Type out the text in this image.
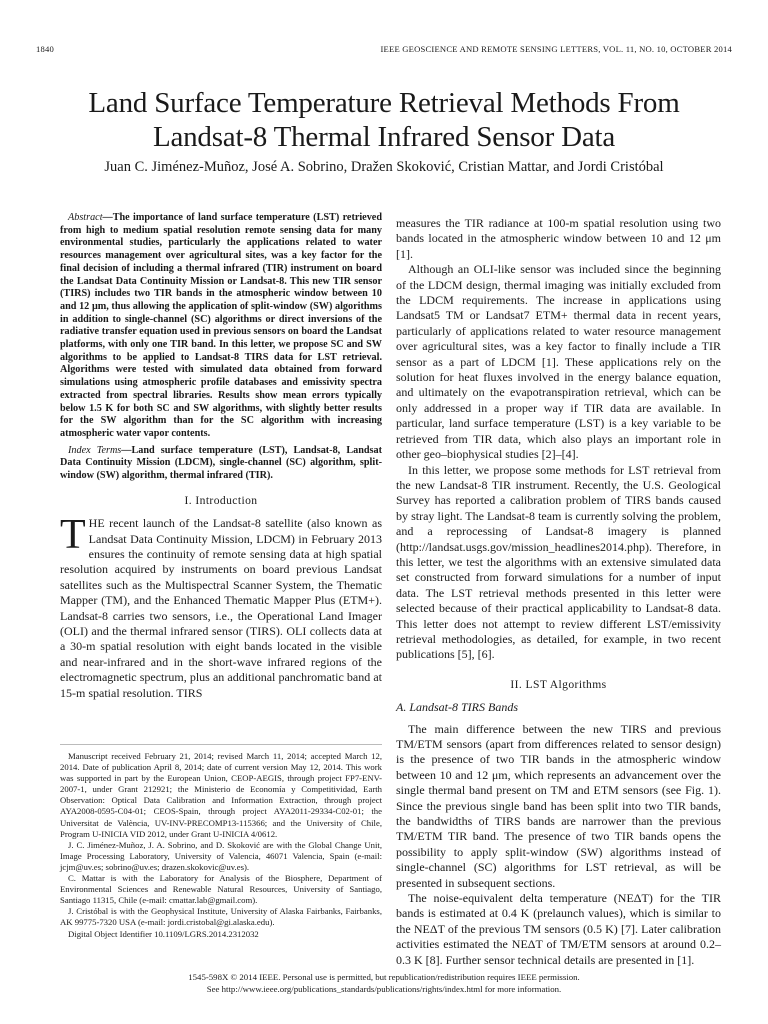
1840	IEEE GEOSCIENCE AND REMOTE SENSING LETTERS, VOL. 11, NO. 10, OCTOBER 2014
Land Surface Temperature Retrieval Methods From
Landsat-8 Thermal Infrared Sensor Data
Juan C. Jiménez-Muñoz, José A. Sobrino, Dražen Skoković, Cristian Mattar, and Jordi Cristóbal

Abstract—The importance of land surface temperature (LST) retrieved from high to medium spatial resolution remote sensing data for many environmental studies, particularly the applications related to water resources management over agricultural sites, was a key factor for the final decision of including a thermal infrared (TIR) instrument on board the Landsat Data Continuity Mission or Landsat-8. This new TIR sensor (TIRS) includes two TIR bands in the atmospheric window between 10 and 12 μm, thus allowing the application of split-window (SW) algorithms in addition to single-channel (SC) algorithms or direct inversions of the radiative transfer equation used in previous sensors on board the Landsat platforms, with only one TIR band. In this letter, we propose SC and SW algorithms to be applied to Landsat-8 TIRS data for LST retrieval. Algorithms were tested with simulated data obtained from forward simulations using atmospheric profile databases and emissivity spectra extracted from spectral libraries. Results show mean errors typically below 1.5 K for both SC and SW algorithms, with slightly better results for the SW algorithm than for the SC algorithm with increasing atmospheric water vapor contents.

Index Terms—Land surface temperature (LST), Landsat-8, Landsat Data Continuity Mission (LDCM), single-channel (SC) algorithm, split-window (SW) algorithm, thermal infrared (TIR).

I. Introduction

THE recent launch of the Landsat-8 satellite (also known as Landsat Data Continuity Mission, LDCM) in February 2013 ensures the continuity of remote sensing data at high spatial resolution acquired by instruments on board previous Landsat satellites such as the Multispectral Scanner System, the Thematic Mapper (TM), and the Enhanced Thematic Mapper Plus (ETM+). Landsat-8 carries two sensors, i.e., the Operational Land Imager (OLI) and the thermal infrared sensor (TIRS). OLI collects data at a 30-m spatial resolution with eight bands located in the visible and near-infrared and in the short-wave infrared regions of the electromagnetic spectrum, plus an additional panchromatic band at 15-m spatial resolution. TIRS

Manuscript received February 21, 2014; revised March 11, 2014; accepted March 12, 2014. Date of publication April 8, 2014; date of current version May 12, 2014. This work was supported in part by the European Union, CEOP-AEGIS, through project FP7-ENV-2007-1, under Grant 212921; the Ministerio de Economía y Competitividad, Earth Observation: Optical Data Calibration and Information Extraction, through project AYA2008-0595-C04-01; CEOS-Spain, through project AYA2011-29334-C02-01; the Universitat de València, UV-INV-PRECOMP13-115366; and the University of Chile, Program U-INICIA VID 2012, under Grant U-INICIA 4/0612.

J. C. Jiménez-Muñoz, J. A. Sobrino, and D. Skoković are with the Global Change Unit, Image Processing Laboratory, University of Valencia, 46071 Valencia, Spain (e-mail: jcjm@uv.es; sobrino@uv.es; drazen.skokovic@uv.es).

C. Mattar is with the Laboratory for Analysis of the Biosphere, Department of Environmental Sciences and Renewable Natural Resources, University of Santiago, Santiago 11315, Chile (e-mail: cmattar.lab@gmail.com).

J. Cristóbal is with the Geophysical Institute, University of Alaska Fairbanks, Fairbanks, AK 99775-7320 USA (e-mail: jordi.cristobal@gi.alaska.edu).

Digital Object Identifier 10.1109/LGRS.2014.2312032

measures the TIR radiance at 100-m spatial resolution using two bands located in the atmospheric window between 10 and 12 μm [1].

Although an OLI-like sensor was included since the beginning of the LDCM design, thermal imaging was initially excluded from the LDCM requirements. The increase in applications using Landsat5 TM or Landsat7 ETM+ thermal data in recent years, particularly of applications related to water resource management over agricultural sites, was a key factor to finally include a TIR sensor as a part of LDCM [1]. These applications rely on the solution for heat fluxes involved in the energy balance equation, and ultimately on the evapotranspiration retrieval, which can be only addressed in a proper way if TIR data are available. In particular, land surface temperature (LST) is a key variable to be retrieved from TIR data, which also plays an important role in other geo–biophysical studies [2]–[4].

In this letter, we propose some methods for LST retrieval from the new Landsat-8 TIR instrument. Recently, the U.S. Geological Survey has reported a calibration problem of TIRS bands caused by stray light. The Landsat-8 team is currently solving the problem, and a reprocessing of Landsat-8 imagery is planned (http://landsat.usgs.gov/mission_headlines2014.php). Therefore, in this letter, we test the algorithms with an extensive simulated data set constructed from forward simulations for a number of input data. The LST retrieval methods presented in this letter were selected because of their practical applicability to Landsat-8 data. This letter does not attempt to review different LST/emissivity retrieval methodologies, as detailed, for example, in two recent publications [5], [6].

II. LST Algorithms
A. Landsat-8 TIRS Bands

The main difference between the new TIRS and previous TM/ETM sensors (apart from differences related to sensor design) is the presence of two TIR bands in the atmospheric window between 10 and 12 μm, which represents an advancement over the single thermal band present on TM and ETM sensors (see Fig. 1). Since the previous single band has been split into two TIR bands, the bandwidths of TIRS bands are narrower than the previous TM/ETM TIR band. The presence of two TIR bands opens the possibility to apply split-window (SW) algorithms instead of single-channel (SC) algorithms for LST retrieval, as will be presented in subsequent sections.

The noise-equivalent delta temperature (NEΔT) for the TIR bands is estimated at 0.4 K (prelaunch values), which is similar to the NEΔT of the previous TM sensors (0.5 K) [7]. Later calibration activities estimated the NEΔT of TM/ETM sensors at around 0.2–0.3 K [8]. Further sensor technical details are presented in [1].

1545-598X © 2014 IEEE. Personal use is permitted, but republication/redistribution requires IEEE permission.
See http://www.ieee.org/publications_standards/publications/rights/index.html for more information.
